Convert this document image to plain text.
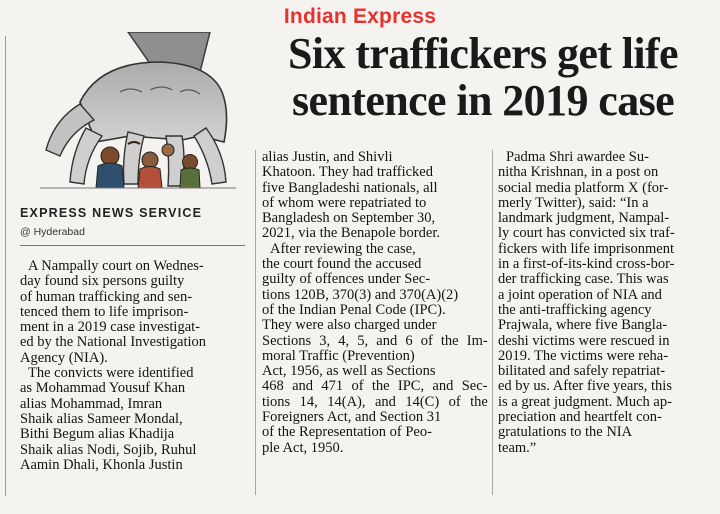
Indian Express
Six traffickers get life
sentence in 2019 case
EXPRESS NEWS SERVICE
@ Hyderabad
A Nampally court on Wednes-
day found six persons guilty
of human trafficking and sen-
tenced them to life imprison-
ment in a 2019 case investigat-
ed by the National Investigation
Agency (NIA).
The convicts were identified
as Mohammad Yousuf Khan
alias Mohammad, Imran
Shaik alias Sameer Mondal,
Bithi Begum alias Khadija
Shaik alias Nodi, Sojib, Ruhul
Aamin Dhali, Khonla Justin
alias Justin, and Shivli
Khatoon. They had trafficked
five Bangladeshi nationals, all
of whom were repatriated to
Bangladesh on September 30,
2021, via the Benapole border.
After reviewing the case,
the court found the accused
guilty of offences under Sec-
tions 120B, 370(3) and 370(A)(2)
of the Indian Penal Code (IPC).
They were also charged under
Sections 3, 4, 5, and 6 of the Im-
moral Traffic (Prevention)
Act, 1956, as well as Sections
468 and 471 of the IPC, and Sec-
tions 14, 14(A), and 14(C) of the
Foreigners Act, and Section 31
of the Representation of Peo-
ple Act, 1950.
Padma Shri awardee Su-
nitha Krishnan, in a post on
social media platform X (for-
merly Twitter), said: “In a
landmark judgment, Nampal-
ly court has convicted six traf-
fickers with life imprisonment
in a first-of-its-kind cross-bor-
der trafficking case. This was
a joint operation of NIA and
the anti-trafficking agency
Prajwala, where five Bangla-
deshi victims were rescued in
2019. The victims were reha-
bilitated and safely repatriat-
ed by us. After five years, this
is a great judgment. Much ap-
preciation and heartfelt con-
gratulations to the NIA
team.”
